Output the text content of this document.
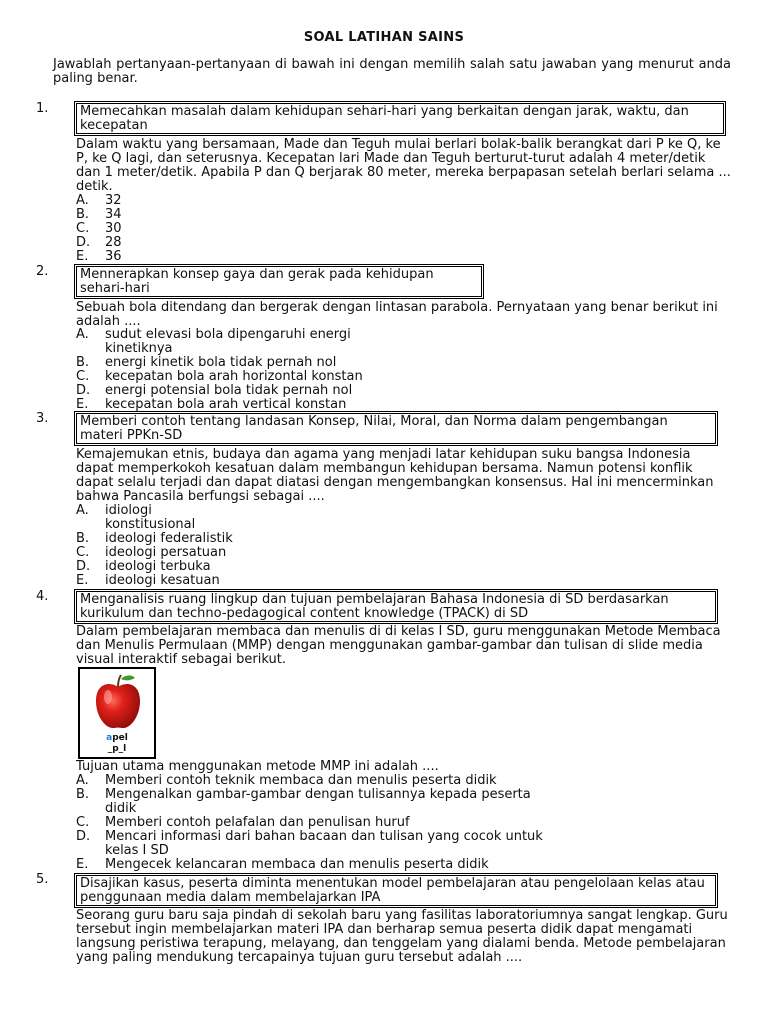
SOAL LATIHAN SAINS
Jawablah pertanyaan-pertanyaan di bawah ini dengan memilih salah satu jawaban yang menurut anda paling benar.
1.	Memecahkan masalah dalam kehidupan sehari-hari yang berkaitan dengan jarak, waktu, dan kecepatan
Dalam waktu yang bersamaan, Made dan Teguh mulai berlari bolak-balik berangkat dari P ke Q, ke P, ke Q lagi, dan seterusnya. Kecepatan lari Made dan Teguh berturut-turut adalah 4 meter/detik dan 1 meter/detik. Apabila P dan Q berjarak 80 meter, mereka berpapasan setelah berlari selama ... detik.
A. 32
B. 34
C. 30
D. 28
E. 36
2.	Mennerapkan konsep gaya dan gerak pada kehidupan sehari-hari
Sebuah bola ditendang dan bergerak dengan lintasan parabola. Pernyataan yang benar berikut ini adalah ....
A. sudut elevasi bola dipengaruhi energi
kinetiknya
B. energi kinetik bola tidak pernah nol
C. kecepatan bola arah horizontal konstan
D. energi potensial bola tidak pernah nol
E. kecepatan bola arah vertical konstan
3.	Memberi contoh tentang landasan Konsep, Nilai, Moral, dan Norma dalam pengembangan materi PPKn-SD
Kemajemukan etnis, budaya dan agama yang menjadi latar kehidupan suku bangsa Indonesia dapat memperkokoh kesatuan dalam membangun kehidupan bersama. Namun potensi konflik dapat selalu terjadi dan dapat diatasi dengan mengembangkan konsensus. Hal ini mencerminkan bahwa Pancasila berfungsi sebagai ....
A. idiologi
konstitusional
B. ideologi federalistik
C. ideologi persatuan
D. ideologi terbuka
E. ideologi kesatuan
4.	Menganalisis ruang lingkup dan tujuan pembelajaran Bahasa Indonesia di SD berdasarkan kurikulum dan techno-pedagogical content knowledge (TPACK) di SD
Dalam pembelajaran membaca dan menulis di di kelas I SD, guru menggunakan Metode Membaca dan Menulis Permulaan (MMP) dengan menggunakan gambar-gambar dan tulisan di slide media visual interaktif sebagai berikut.
apel
_p_l
Tujuan utama menggunakan metode MMP ini adalah ....
A. Memberi contoh teknik membaca dan menulis peserta didik
B. Mengenalkan gambar-gambar dengan tulisannya kepada peserta
didik
C. Memberi contoh pelafalan dan penulisan huruf
D. Mencari informasi dari bahan bacaan dan tulisan yang cocok untuk
kelas I SD
E. Mengecek kelancaran membaca dan menulis peserta didik
5.	Disajikan kasus, peserta diminta menentukan model pembelajaran atau pengelolaan kelas atau penggunaan media dalam membelajarkan IPA
Seorang guru baru saja pindah di sekolah baru yang fasilitas laboratoriumnya sangat lengkap. Guru tersebut ingin membelajarkan materi IPA dan berharap semua peserta didik dapat mengamati langsung peristiwa terapung, melayang, dan tenggelam yang dialami benda. Metode pembelajaran yang paling mendukung tercapainya tujuan guru tersebut adalah ....
